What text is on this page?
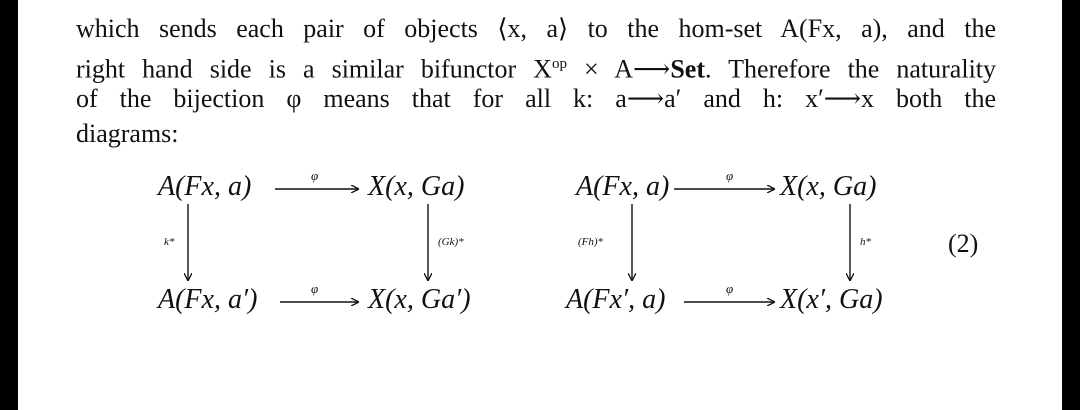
which sends each pair of objects ⟨x, a⟩ to the hom-set A(Fx, a), and the
right hand side is a similar bifunctor $X^{op}$ × A⟶Set. Therefore the naturality
of the bijection φ means that for all k: a⟶a′ and h: x′⟶x both the
diagrams:
A(Fx, a)	X(x, Ga)
A(Fx, a′)	X(x, Ga′)
φ
φ
k*	(Gk)*
A(Fx, a)	X(x, Ga)
A(Fx′, a)	X(x′, Ga)
φ
φ
(Fh)*	h*	(2)
